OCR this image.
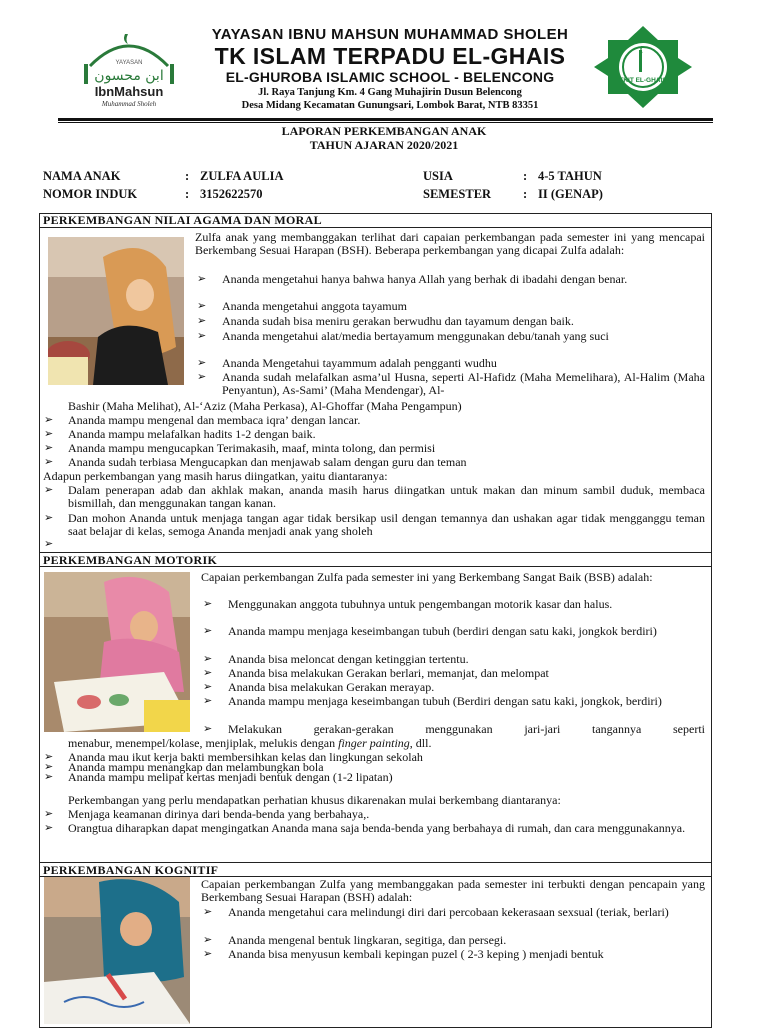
YAYASAN
ابن محسون
IbnMahsun
Muhammad Sholeh
YAYASAN IBNU MAHSUN MUHAMMAD SHOLEH
TK ISLAM TERPADU EL-GHAIS
EL-GHUROBA ISLAMIC SCHOOL - BELENCONG
Jl. Raya Tanjung Km. 4 Gang Muhajirin Dusun Belencong
Desa Midang Kecamatan Gunungsari, Lombok Barat, NTB 83351
TKIT EL-GHAIS
LAPORAN PERKEMBANGAN ANAK
TAHUN AJARAN 2020/2021
NAMA ANAK	: ZULFA AULIA	USIA	: 4-5 TAHUN
NOMOR INDUK	: 3152622570	SEMESTER	: II (GENAP)
PERKEMBANGAN NILAI AGAMA DAN MORAL
Zulfa anak yang membanggakan terlihat dari capaian perkembangan pada semester ini yang mencapai Berkembang Sesuai Harapan (BSH). Beberapa perkembangan yang dicapai Zulfa adalah:
➢ Ananda mengetahui hanya bahwa hanya Allah yang berhak di ibadahi dengan benar.
➢ Ananda mengetahui anggota tayamum
➢ Ananda sudah bisa meniru gerakan berwudhu dan tayamum dengan baik.
➢ Ananda mengetahui alat/media bertayamum menggunakan debu/tanah yang suci
➢ Ananda Mengetahui tayammum adalah pengganti wudhu
➢ Ananda sudah melafalkan asma’ul Husna, seperti Al-Hafidz (Maha Memelihara), Al-Halim (Maha Penyantun), As-Sami’ (Maha Mendengar), Al-
Bashir (Maha Melihat), Al-‘Aziz (Maha Perkasa), Al-Ghoffar (Maha Pengampun)
➢ Ananda mampu mengenal dan membaca iqra’ dengan lancar.
➢ Ananda mampu melafalkan hadits 1-2 dengan baik.
➢ Ananda mampu mengucapkan Terimakasih, maaf, minta tolong, dan permisi
➢ Ananda sudah terbiasa Mengucapkan dan menjawab salam dengan guru dan teman
Adapun perkembangan yang masih harus diingatkan, yaitu diantaranya:
➢ Dalam penerapan adab dan akhlak makan, ananda masih harus diingatkan untuk makan dan minum sambil duduk, membaca bismillah, dan menggunakan tangan kanan.
➢ Dan mohon Ananda untuk menjaga tangan agar tidak bersikap usil dengan temannya dan ushakan agar tidak mengganggu teman saat belajar di kelas, semoga Ananda menjadi anak yang sholeh
➢
PERKEMBANGAN MOTORIK
Capaian perkembangan Zulfa pada semester ini yang Berkembang Sangat Baik (BSB) adalah:
➢ Menggunakan anggota tubuhnya untuk pengembangan motorik kasar dan halus.
➢ Ananda mampu menjaga keseimbangan tubuh (berdiri dengan satu kaki, jongkok berdiri)
➢ Ananda bisa meloncat dengan ketinggian tertentu.
➢ Ananda bisa melakukan Gerakan berlari, memanjat, dan melompat
➢ Ananda bisa melakukan Gerakan merayap.
➢ Ananda mampu menjaga keseimbangan tubuh (Berdiri dengan satu kaki, jongkok, berdiri)
➢ Melakukan gerakan-gerakan menggunakan jari-jari tangannya seperti
menabur, menempel/kolase, menjiplak, melukis dengan finger painting, dll.
➢ Ananda mau ikut kerja bakti membersihkan kelas dan lingkungan sekolah
➢ Ananda mampu menangkap dan melambungkan bola
➢ Ananda mampu melipat kertas menjadi bentuk dengan (1-2 lipatan)
Perkembangan yang perlu mendapatkan perhatian khusus dikarenakan mulai berkembang diantaranya:
➢ Menjaga keamanan dirinya dari benda-benda yang berbahaya,.
➢ Orangtua diharapkan dapat mengingatkan Ananda mana saja benda-benda yang berbahaya di rumah, dan cara menggunakannya.
PERKEMBANGAN KOGNITIF
Capaian perkembangan Zulfa yang membanggakan pada semester ini terbukti dengan pencapain yang Berkembang Sesuai Harapan (BSH) adalah:
➢ Ananda mengetahui cara melindungi diri dari percobaan kekerasaan sexsual (teriak, berlari)
➢ Ananda mengenal bentuk lingkaran, segitiga, dan persegi.
➢ Ananda bisa menyusun kembali kepingan puzel ( 2-3 keping ) menjadi bentuk
